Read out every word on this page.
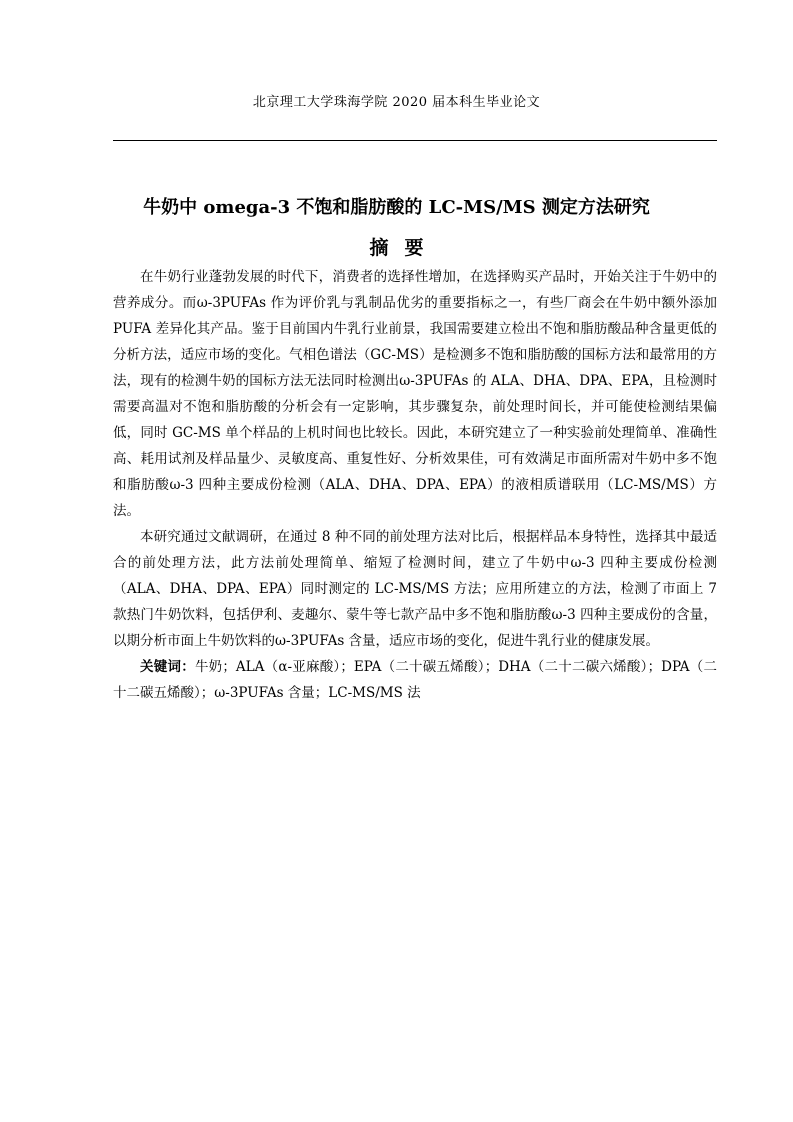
北京理工大学珠海学院 2020 届本科生毕业论文
牛奶中 omega-3 不饱和脂肪酸的 LC-MS/MS 测定方法研究
摘要

在牛奶行业蓬勃发展的时代下，消费者的选择性增加，在选择购买产品时，开始关注于牛奶中的营养成分。而ω-3PUFAs 作为评价乳与乳制品优劣的重要指标之一，有些厂商会在牛奶中额外添加 PUFA 差异化其产品。鉴于目前国内牛乳行业前景，我国需要建立检出不饱和脂肪酸品种含量更低的分析方法，适应市场的变化。气相色谱法（GC-MS）是检测多不饱和脂肪酸的国标方法和最常用的方法，现有的检测牛奶的国标方法无法同时检测出ω-3PUFAs 的 ALA、DHA、DPA、EPA，且检测时需要高温对不饱和脂肪酸的分析会有一定影响，其步骤复杂，前处理时间长，并可能使检测结果偏低，同时 GC-MS 单个样品的上机时间也比较长。因此，本研究建立了一种实验前处理简单、准确性高、耗用试剂及样品量少、灵敏度高、重复性好、分析效果佳，可有效满足市面所需对牛奶中多不饱和脂肪酸ω-3 四种主要成份检测（ALA、DHA、DPA、EPA）的液相质谱联用（LC-MS/MS）方法。

本研究通过文献调研，在通过 8 种不同的前处理方法对比后，根据样品本身特性，选择其中最适合的前处理方法，此方法前处理简单、缩短了检测时间，建立了牛奶中ω-3 四种主要成份检测（ALA、DHA、DPA、EPA）同时测定的 LC-MS/MS 方法；应用所建立的方法，检测了市面上 7 款热门牛奶饮料，包括伊利、麦趣尔、蒙牛等七款产品中多不饱和脂肪酸ω-3 四种主要成份的含量，以期分析市面上牛奶饮料的ω-3PUFAs 含量，适应市场的变化，促进牛乳行业的健康发展。

关键词：牛奶；ALA（α-亚麻酸）；EPA（二十碳五烯酸）；DHA（二十二碳六烯酸）；DPA（二十二碳五烯酸）；ω-3PUFAs 含量；LC-MS/MS 法
